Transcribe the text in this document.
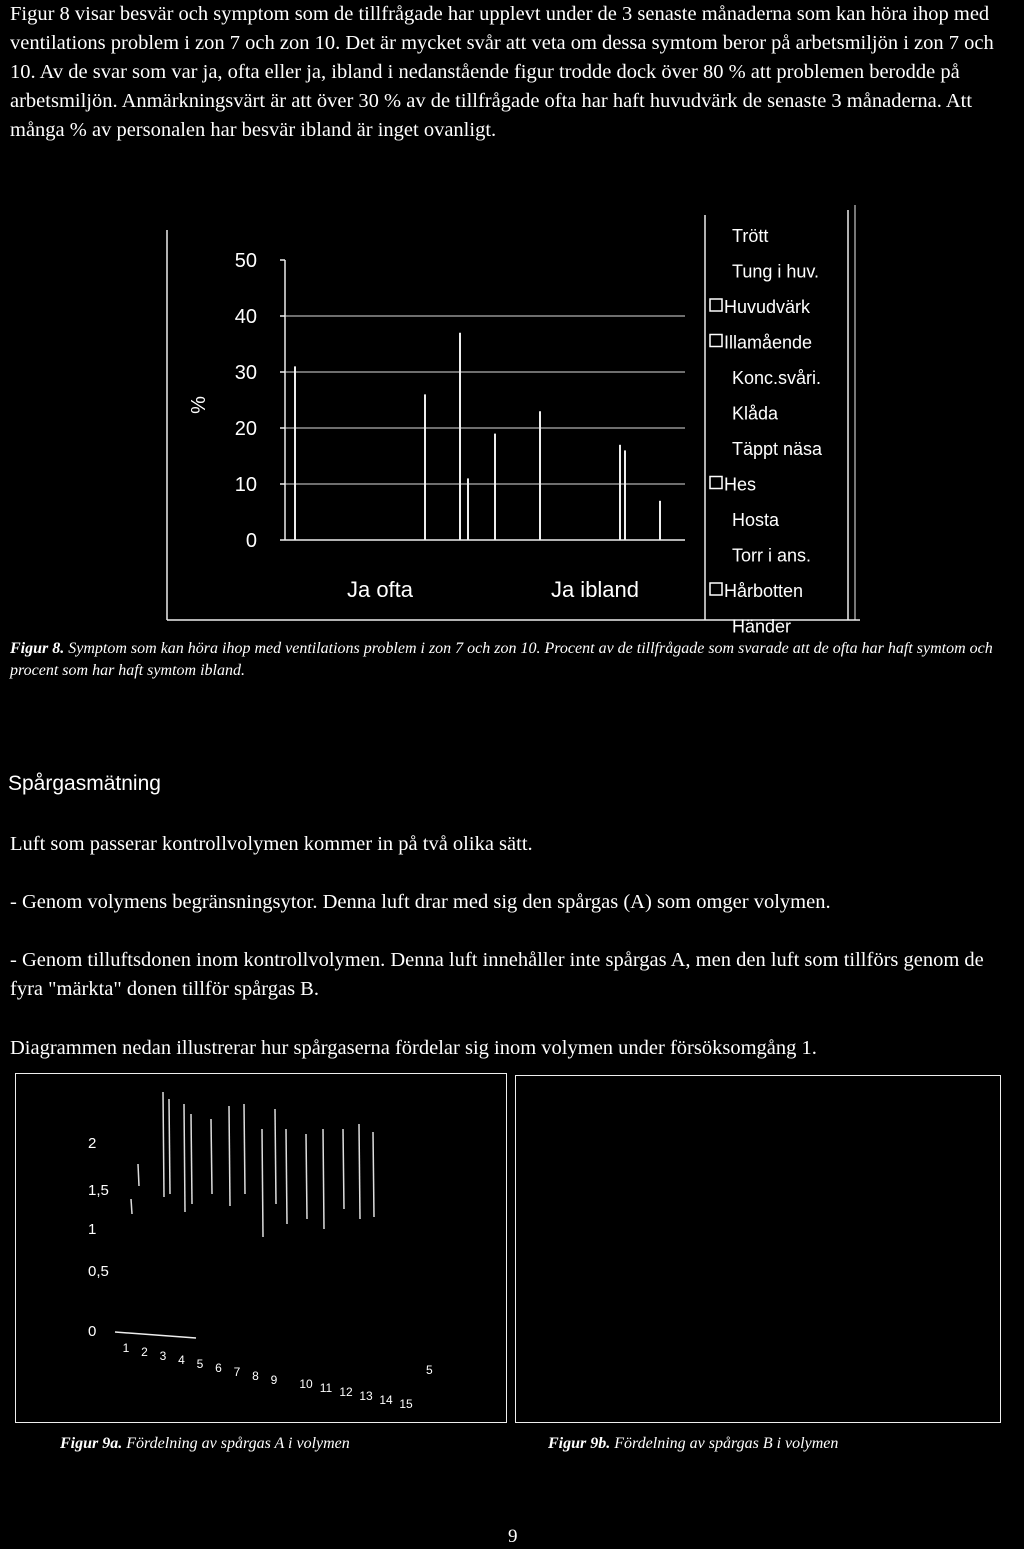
Figur 8 visar besvär och symptom som de tillfrågade har upplevt under de 3 senaste månaderna som kan höra ihop med ventilations problem i zon 7 och zon 10. Det är mycket svår att veta om dessa symtom beror på arbetsmiljön i zon 7 och 10. Av de svar som var ja, ofta eller ja, ibland i nedanstående figur trodde dock över 80 % att problemen berodde på arbetsmiljön. Anmärkningsvärt är att över 30 % av de tillfrågade ofta har haft huvudvärk de senaste 3 månaderna. Att många % av personalen har besvär ibland är inget ovanligt.

50
40
30
20
10
0
%
Ja ofta	Ja ibland
Trött
Tung i huv.
Huvudvärk
Illamående
Konc.svåri.
Klåda
Täppt näsa
Hes
Hosta
Torr i ans.
Hårbotten
Händer
Figur 8. Symptom som kan höra ihop med ventilations problem i zon 7 och zon 10. Procent av de tillfrågade som svarade att de ofta har haft symtom och procent som har haft symtom ibland.
Spårgasmätning

Luft som passerar kontrollvolymen kommer in på två olika sätt.

- Genom volymens begränsningsytor. Denna luft drar med sig den spårgas (A) som omger volymen.

- Genom tilluftsdonen inom kontrollvolymen. Denna luft innehåller inte spårgas A, men den luft som tillförs genom de fyra "märkta" donen tillför spårgas B.

Diagrammen nedan illustrerar hur spårgaserna fördelar sig inom volymen under försöksomgång 1.

2
1,5
1
0,5
0
1 2 3 4 5 6 7 8 9 10 11 12 13 14 15
5
Figur 9a. Fördelning av spårgas A i volymen	Figur 9b. Fördelning av spårgas B i volymen
9
